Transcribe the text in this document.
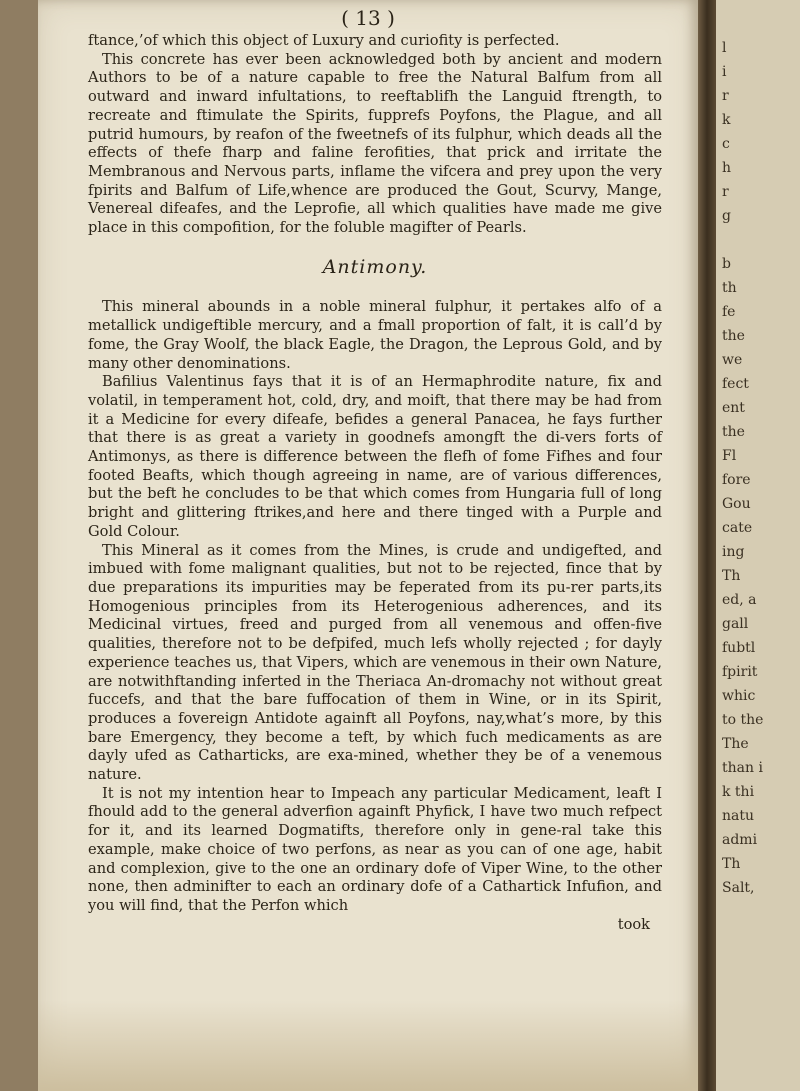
( 13 )

ftance,’of which this object of Luxury and curiofity is perfected.

This concrete has ever been acknowledged both by ancient and modern Authors to be of a nature capable to free the Natural Balfum from all outward and inward infultations, to reeftablifh the Languid ftrength, to recreate and ftimulate the Spirits, fupprefs Poyfons, the Plague, and all putrid humours, by reafon of the fweetnefs of its fulphur, which deads all the effects of thefe fharp and faline ferofities, that prick and irritate the Membranous and Nervous parts, inflame the vifcera and prey upon the very fpirits and Balfum of Life,whence are produced the Gout, Scurvy, Mange, Venereal difeafes, and the Leprofie, all which qualities have made me give place in this compofition, for the foluble magifter of Pearls.

Antimony.

This mineral abounds in a noble mineral fulphur, it pertakes alfo of a metallick undigeftible mercury, and a fmall proportion of falt, it is call’d by fome, the Gray Woolf, the black Eagle, the Dragon, the Leprous Gold, and by many other denominations.

Bafilius Valentinus fays that it is of an Hermaphrodite nature, fix and volatil, in temperament hot, cold, dry, and moift, that there may be had from it a Medicine for every difeafe, befides a general Panacea, he fays further that there is as great a variety in goodnefs amongft the di-vers forts of Antimonys, as there is difference between the flefh of fome Fifhes and four footed Beafts, which though agreeing in name, are of various differences, but the beft he concludes to be that which comes from Hungaria full of long bright and glittering ftrikes,and here and there tinged with a Purple and Gold Colour.

This Mineral as it comes from the Mines, is crude and undigefted, and imbued with fome malignant qualities, but not to be rejected, fince that by due preparations its impurities may be feperated from its pu-rer parts,its Homogenious principles from its Heterogenious adherences, and its Medicinal virtues, freed and purged from all venemous and offen-five qualities, therefore not to be defpifed, much lefs wholly rejected ; for dayly experience teaches us, that Vipers, which are venemous in their own Nature, are notwithftanding inferted in the Theriaca An-dromachy not without great fuccefs, and that the bare fuffocation of them in Wine, or in its Spirit, produces a fovereign Antidote againft all Poyfons, nay,what’s more, by this bare Emergency, they become a teft, by which fuch medicaments as are dayly ufed as Catharticks, are exa-mined, whether they be of a venemous nature.

It is not my intention hear to Impeach any particular Medicament, leaft I fhould add to the general adverfion againft Phyfick, I have two much refpect for it, and its learned Dogmatifts, therefore only in gene-ral take this example, make choice of two perfons, as near as you can of one age, habit and complexion, give to the one an ordinary dofe of Viper Wine, to the other none, then adminifter to each an ordinary dofe of a Cathartick Infufion, and you will find, that the Perfon which

took
l
i
r
k
c
h
r
g
b
th
fe
the
we
fect
ent
the
Fl
fore
Gou
cate
ing
Th
ed, a
gall
fubtl
fpirit
whic
to the
The
than i
k thi
natu
admi
Th
Salt,
